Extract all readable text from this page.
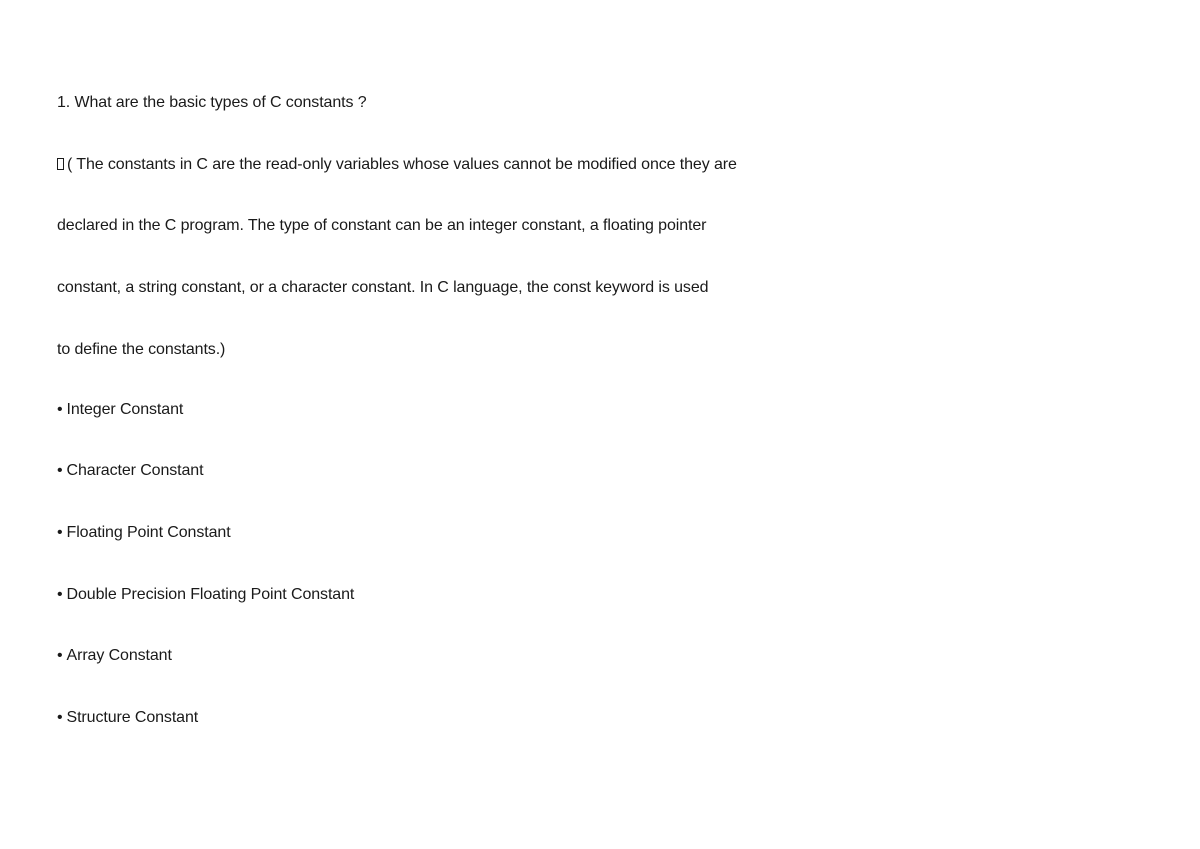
1. What are the basic types of C constants ?
( The constants in C are the read-only variables whose values cannot be modified once they are
declared in the C program. The type of constant can be an integer constant, a floating pointer
constant, a string constant, or a character constant. In C language, the const keyword is used
to define the constants.)
• Integer Constant
• Character Constant
• Floating Point Constant
• Double Precision Floating Point Constant
• Array Constant
• Structure Constant
